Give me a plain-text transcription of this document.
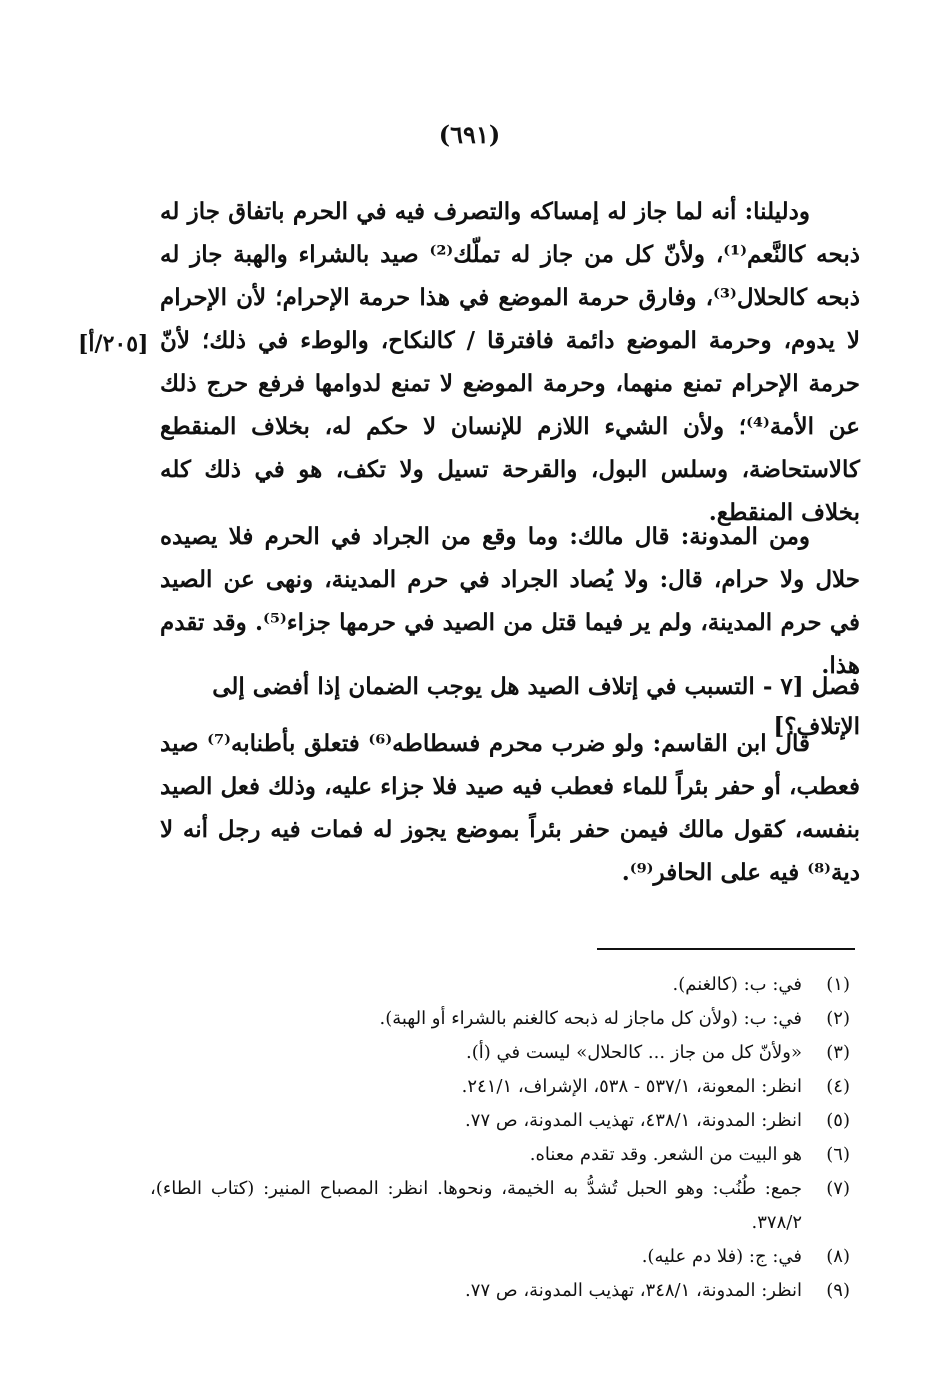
(٦٩١)
[٢٠٥/أ]

ودليلنا: أنه لما جاز له إمساكه والتصرف فيه في الحرم باتفاق جاز له ذبحه كالنَّعم⁽¹⁾، ولأنّ كل من جاز له تملّك⁽²⁾ صيد بالشراء والهبة جاز له ذبحه كالحلال⁽³⁾، وفارق حرمة الموضع في هذا حرمة الإحرام؛ لأن الإحرام لا يدوم، وحرمة الموضع دائمة فافترقا / كالنكاح، والوطء في ذلك؛ لأنّ حرمة الإحرام تمنع منهما، وحرمة الموضع لا تمنع لدوامها فرفع حرج ذلك عن الأمة⁽⁴⁾؛ ولأن الشيء اللازم للإنسان لا حكم له، بخلاف المنقطع كالاستحاضة، وسلس البول، والقرحة تسيل ولا تكف، هو في ذلك كله بخلاف المنقطع.

ومن المدونة: قال مالك: وما وقع من الجراد في الحرم فلا يصيده حلال ولا حرام، قال: ولا يُصاد الجراد في حرم المدينة، ونهى عن الصيد في حرم المدينة، ولم ير فيما قتل من الصيد في حرمها جزاء⁽⁵⁾. وقد تقدم هذا.

فصل [٧ - التسبب في إتلاف الصيد هل يوجب الضمان إذا أفضى إلى الإتلاف؟]

قال ابن القاسم: ولو ضرب محرم فسطاطه⁽⁶⁾ فتعلق بأطنابه⁽⁷⁾ صيد فعطب، أو حفر بئراً للماء فعطب فيه صيد فلا جزاء عليه، وذلك فعل الصيد بنفسه، كقول مالك فيمن حفر بئراً بموضع يجوز له فمات فيه رجل أنه لا دية⁽⁸⁾ فيه على الحافر⁽⁹⁾.

(١)
في: ب: (كالغنم).
(٢)
في: ب: (ولأن كل ماجاز له ذبحه كالغنم بالشراء أو الهبة).
(٣)
«ولأنّ كل من جاز ... كالحلال» ليست في (أ).
(٤)
انظر: المعونة، ٥٣٧/١ - ٥٣٨، الإشراف، ٢٤١/١.
(٥)
انظر: المدونة، ٤٣٨/١، تهذيب المدونة، ص ٧٧.
(٦)
هو البيت من الشعر. وقد تقدم معناه.
(٧)
جمع: طُنُب: وهو الحبل تُشدُّ به الخيمة، ونحوها. انظر: المصباح المنير: (كتاب الطاء)، ٣٧٨/٢.
(٨)
في: ج: (فلا دم عليه).
(٩)
انظر: المدونة، ٣٤٨/١، تهذيب المدونة، ص ٧٧.
